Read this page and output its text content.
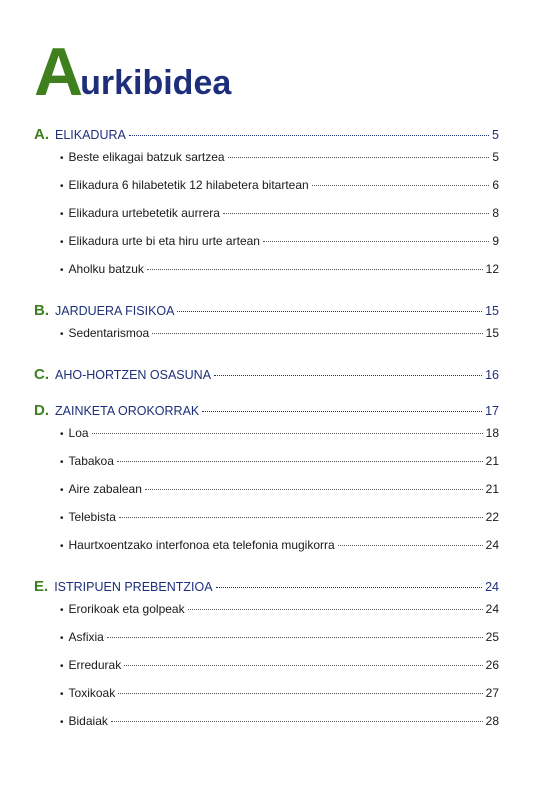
A
urkibidea
A. ELIKADURA	5
• Beste elikagai batzuk sartzea	5
• Elikadura 6 hilabetetik 12 hilabetera bitartean	6
• Elikadura urtebetetik aurrera	8
• Elikadura urte bi eta hiru urte artean	9
• Aholku batzuk	12
B. JARDUERA FISIKOA	15
• Sedentarismoa	15
C. AHO-HORTZEN OSASUNA	16
D. ZAINKETA OROKORRAK	17
• Loa	18
• Tabakoa	21
• Aire zabalean	21
• Telebista	22
• Haurtxoentzako interfonoa eta telefonia mugikorra	24
E. ISTRIPUEN PREBENTZIOA	24
• Erorikoak eta golpeak	24
• Asfixia	25
• Erredurak	26
• Toxikoak	27
• Bidaiak	28
